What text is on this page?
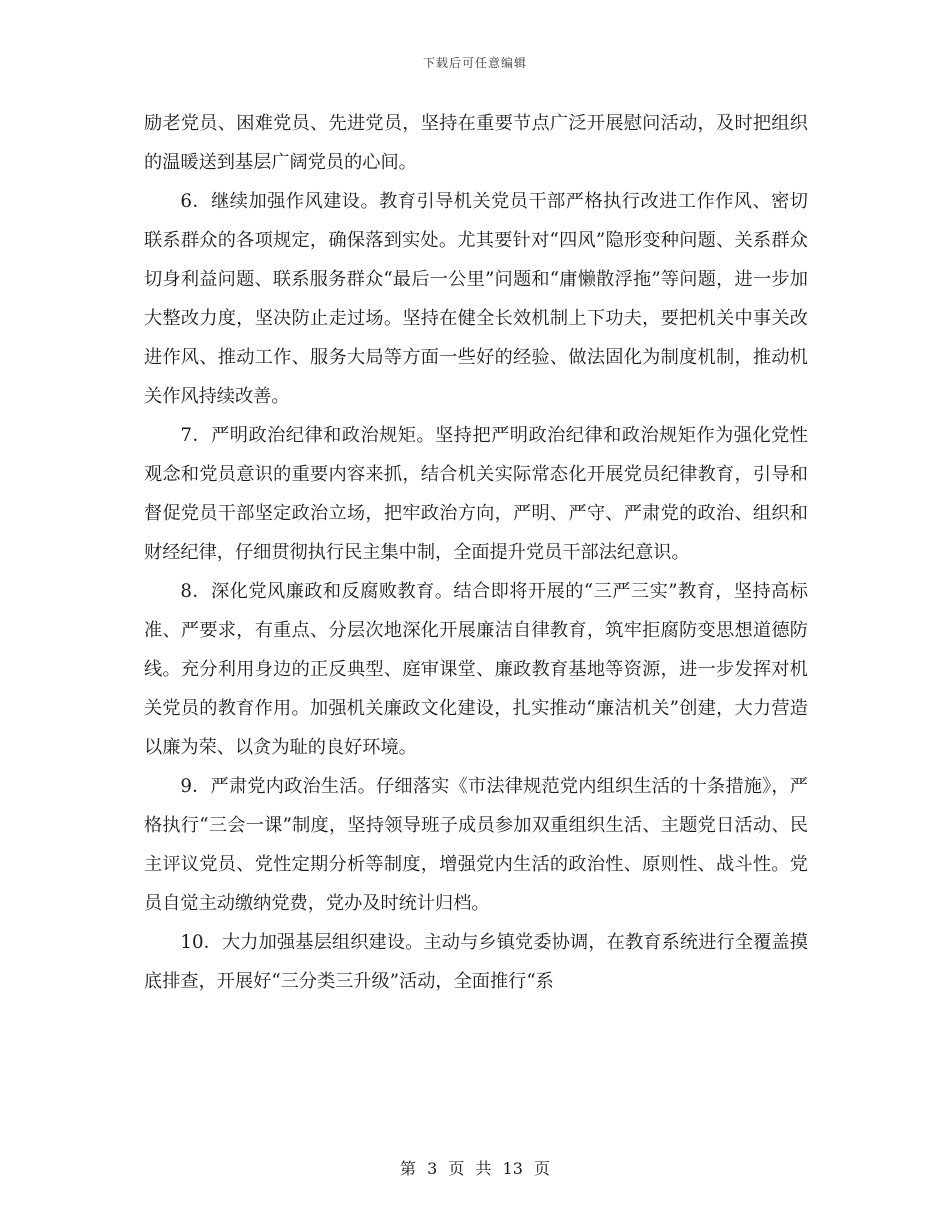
下载后可任意编辑

励老党员、困难党员、先进党员，坚持在重要节点广泛开展慰问活动，及时把组织的温暖送到基层广阔党员的心间。

6．继续加强作风建设。教育引导机关党员干部严格执行改进工作作风、密切联系群众的各项规定，确保落到实处。尤其要针对“四风”隐形变种问题、关系群众切身利益问题、联系服务群众“最后一公里”问题和“庸懒散浮拖”等问题，进一步加大整改力度，坚决防止走过场。坚持在健全长效机制上下功夫，要把机关中事关改进作风、推动工作、服务大局等方面一些好的经验、做法固化为制度机制，推动机关作风持续改善。

7．严明政治纪律和政治规矩。坚持把严明政治纪律和政治规矩作为强化党性观念和党员意识的重要内容来抓，结合机关实际常态化开展党员纪律教育，引导和督促党员干部坚定政治立场，把牢政治方向，严明、严守、严肃党的政治、组织和财经纪律，仔细贯彻执行民主集中制，全面提升党员干部法纪意识。

8．深化党风廉政和反腐败教育。结合即将开展的“三严三实”教育，坚持高标准、严要求，有重点、分层次地深化开展廉洁自律教育，筑牢拒腐防变思想道德防线。充分利用身边的正反典型、庭审课堂、廉政教育基地等资源，进一步发挥对机关党员的教育作用。加强机关廉政文化建设，扎实推动“廉洁机关”创建，大力营造以廉为荣、以贪为耻的良好环境。

9．严肃党内政治生活。仔细落实《市法律规范党内组织生活的十条措施》，严格执行“三会一课”制度，坚持领导班子成员参加双重组织生活、主题党日活动、民主评议党员、党性定期分析等制度，增强党内生活的政治性、原则性、战斗性。党员自觉主动缴纳党费，党办及时统计归档。

10．大力加强基层组织建设。主动与乡镇党委协调，在教育系统进行全覆盖摸底排查，开展好“三分类三升级”活动，全面推行“系

第 3 页 共 13 页
